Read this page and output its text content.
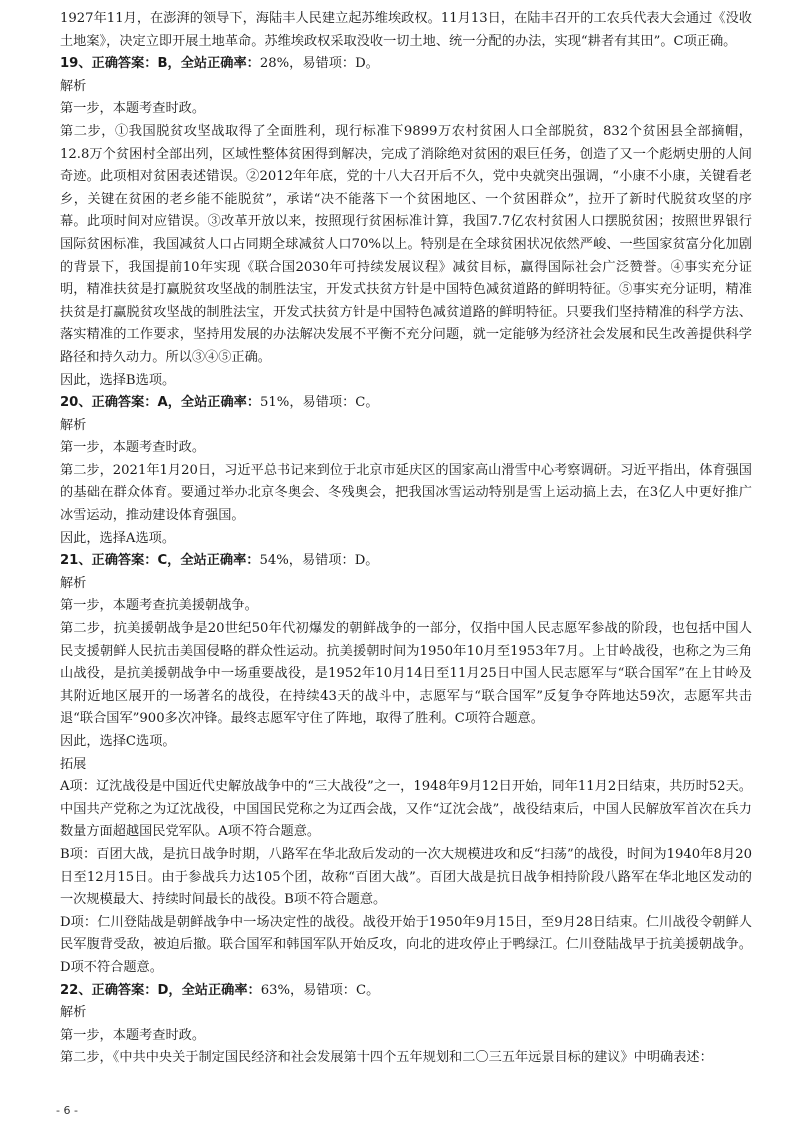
1927年11月，在澎湃的领导下，海陆丰人民建立起苏维埃政权。11月13日，在陆丰召开的工农兵代表大会通过《没收土地案》，决定立即开展土地革命。苏维埃政权采取没收一切土地、统一分配的办法，实现“耕者有其田”。C项正确。

19、正确答案：B，全站正确率：28%，易错项：D。

解析

第一步，本题考查时政。

第二步，①我国脱贫攻坚战取得了全面胜利，现行标准下9899万农村贫困人口全部脱贫，832个贫困县全部摘帽，12.8万个贫困村全部出列，区域性整体贫困得到解决，完成了消除绝对贫困的艰巨任务，创造了又一个彪炳史册的人间奇迹。此项相对贫困表述错误。②2012年年底，党的十八大召开后不久，党中央就突出强调，“小康不小康，关键看老乡，关键在贫困的老乡能不能脱贫”，承诺“决不能落下一个贫困地区、一个贫困群众”，拉开了新时代脱贫攻坚的序幕。此项时间对应错误。③改革开放以来，按照现行贫困标准计算，我国7.7亿农村贫困人口摆脱贫困；按照世界银行国际贫困标准，我国减贫人口占同期全球减贫人口70%以上。特别是在全球贫困状况依然严峻、一些国家贫富分化加剧的背景下，我国提前10年实现《联合国2030年可持续发展议程》减贫目标，赢得国际社会广泛赞誉。④事实充分证明，精准扶贫是打赢脱贫攻坚战的制胜法宝，开发式扶贫方针是中国特色减贫道路的鲜明特征。⑤事实充分证明，精准扶贫是打赢脱贫攻坚战的制胜法宝，开发式扶贫方针是中国特色减贫道路的鲜明特征。只要我们坚持精准的科学方法、落实精准的工作要求，坚持用发展的办法解决发展不平衡不充分问题，就一定能够为经济社会发展和民生改善提供科学路径和持久动力。所以③④⑤正确。

因此，选择B选项。

20、正确答案：A，全站正确率：51%，易错项：C。

解析

第一步，本题考查时政。

第二步，2021年1月20日，习近平总书记来到位于北京市延庆区的国家高山滑雪中心考察调研。习近平指出，体育强国的基础在群众体育。要通过举办北京冬奥会、冬残奥会，把我国冰雪运动特别是雪上运动搞上去，在3亿人中更好推广冰雪运动，推动建设体育强国。

因此，选择A选项。

21、正确答案：C，全站正确率：54%，易错项：D。

解析

第一步，本题考查抗美援朝战争。

第二步，抗美援朝战争是20世纪50年代初爆发的朝鲜战争的一部分，仅指中国人民志愿军参战的阶段，也包括中国人民支援朝鲜人民抗击美国侵略的群众性运动。抗美援朝时间为1950年10月至1953年7月。上甘岭战役，也称之为三角山战役，是抗美援朝战争中一场重要战役，是1952年10月14日至11月25日中国人民志愿军与“联合国军”在上甘岭及其附近地区展开的一场著名的战役，在持续43天的战斗中，志愿军与“联合国军”反复争夺阵地达59次，志愿军共击退“联合国军”900多次冲锋。最终志愿军守住了阵地，取得了胜利。C项符合题意。

因此，选择C选项。

拓展

A项：辽沈战役是中国近代史解放战争中的“三大战役”之一，1948年9月12日开始，同年11月2日结束，共历时52天。中国共产党称之为辽沈战役，中国国民党称之为辽西会战，又作“辽沈会战”，战役结束后，中国人民解放军首次在兵力数量方面超越国民党军队。A项不符合题意。

B项：百团大战，是抗日战争时期，八路军在华北敌后发动的一次大规模进攻和反“扫荡”的战役，时间为1940年8月20日至12月15日。由于参战兵力达105个团，故称“百团大战”。百团大战是抗日战争相持阶段八路军在华北地区发动的一次规模最大、持续时间最长的战役。B项不符合题意。

D项：仁川登陆战是朝鲜战争中一场决定性的战役。战役开始于1950年9月15日，至9月28日结束。仁川战役令朝鲜人民军腹背受敌，被迫后撤。联合国军和韩国军队开始反攻，向北的进攻停止于鸭绿江。仁川登陆战早于抗美援朝战争。D项不符合题意。

22、正确答案：D，全站正确率：63%，易错项：C。

解析

第一步，本题考查时政。

第二步，《中共中央关于制定国民经济和社会发展第十四个五年规划和二〇三五年远景目标的建议》中明确表述：

- 6 -
